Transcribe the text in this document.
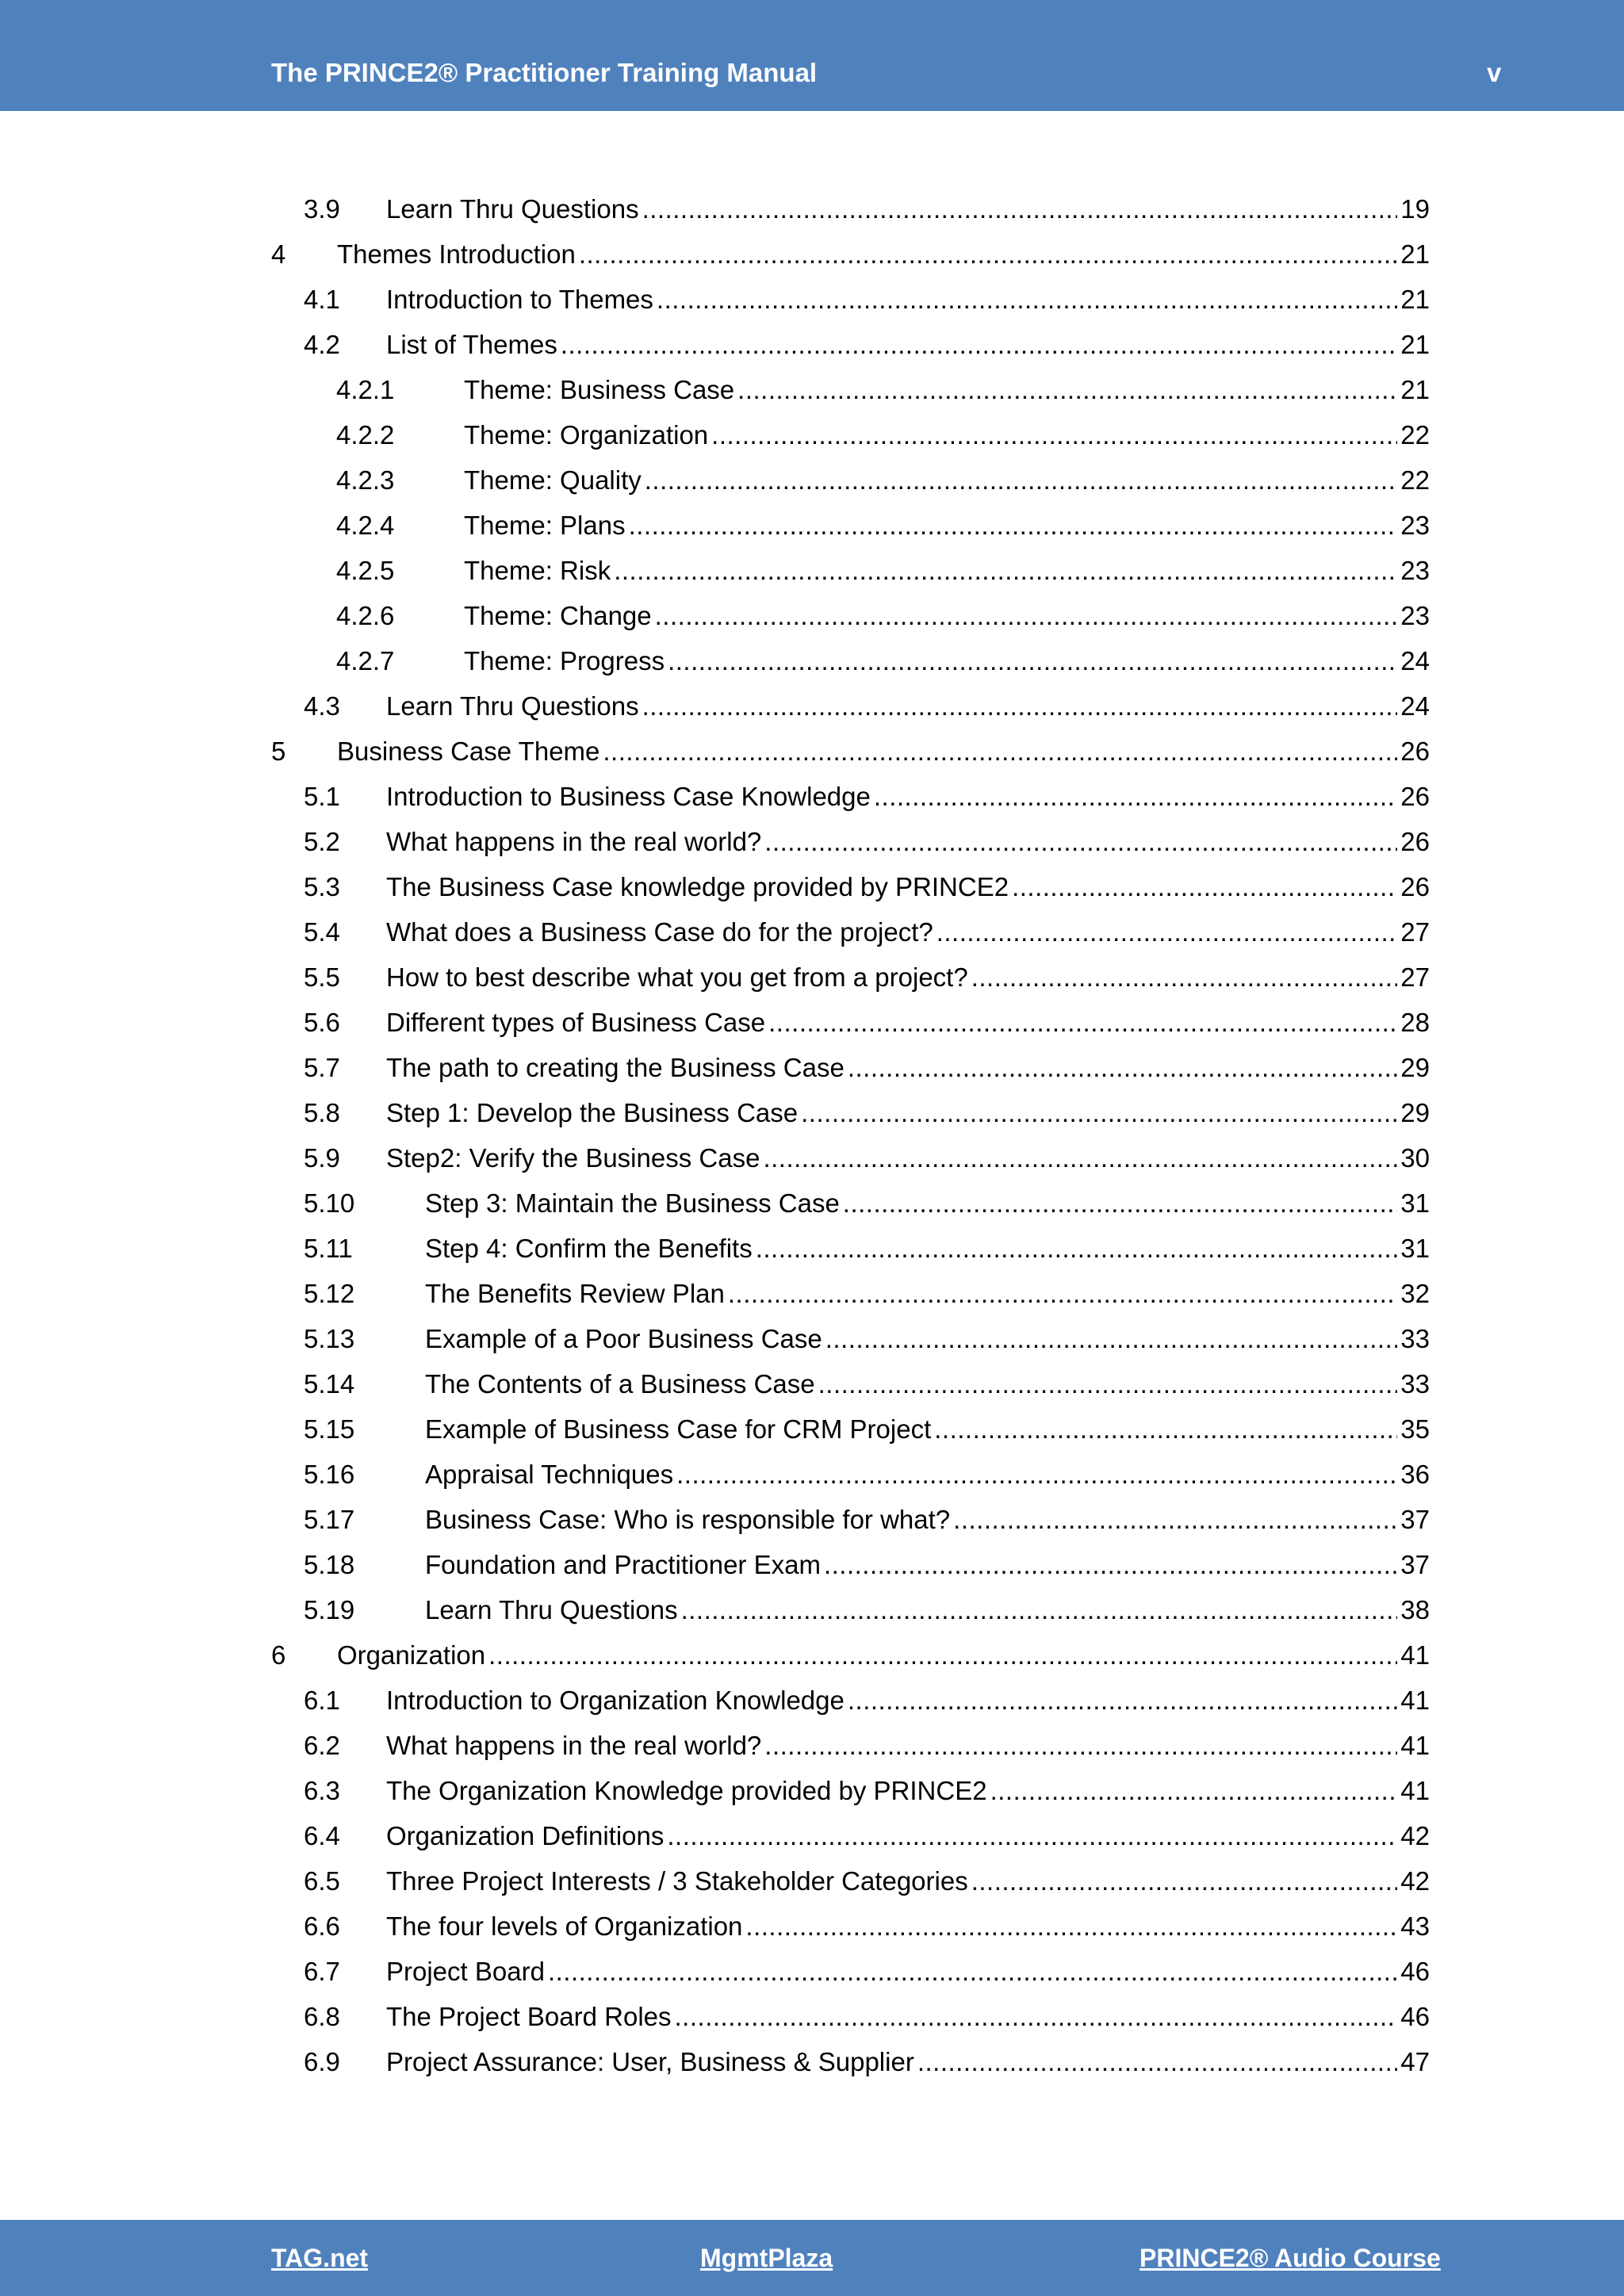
The PRINCE2® Practitioner Training Manual	v
3.9	Learn Thru Questions .....	19
4	Themes Introduction .....	21
4.1	Introduction to Themes .....	21
4.2	List of Themes .....	21
4.2.1	Theme: Business Case .....	21
4.2.2	Theme: Organization .....	22
4.2.3	Theme: Quality .....	22
4.2.4	Theme: Plans .....	23
4.2.5	Theme: Risk .....	23
4.2.6	Theme: Change .....	23
4.2.7	Theme: Progress .....	24
4.3	Learn Thru Questions .....	24
5	Business Case Theme .....	26
5.1	Introduction to Business Case Knowledge .....	26
5.2	What happens in the real world? .....	26
5.3	The Business Case knowledge provided by PRINCE2 .....	26
5.4	What does a Business Case do for the project? .....	27
5.5	How to best describe what you get from a project? .....	27
5.6	Different types of Business Case .....	28
5.7	The path to creating the Business Case .....	29
5.8	Step 1: Develop the Business Case .....	29
5.9	Step2: Verify the Business Case .....	30
5.10	Step 3: Maintain the Business Case .....	31
5.11	Step 4: Confirm the Benefits .....	31
5.12	The Benefits Review Plan .....	32
5.13	Example of a Poor Business Case .....	33
5.14	The Contents of a Business Case .....	33
5.15	Example of Business Case for CRM Project .....	35
5.16	Appraisal Techniques .....	36
5.17	Business Case: Who is responsible for what? .....	37
5.18	Foundation and Practitioner Exam .....	37
5.19	Learn Thru Questions .....	38
6	Organization .....	41
6.1	Introduction to Organization Knowledge .....	41
6.2	What happens in the real world? .....	41
6.3	The Organization Knowledge provided by PRINCE2 .....	41
6.4	Organization Definitions .....	42
6.5	Three Project Interests / 3 Stakeholder Categories .....	42
6.6	The four levels of Organization .....	43
6.7	Project Board .....	46
6.8	The Project Board Roles .....	46
6.9	Project Assurance: User, Business & Supplier .....	47
TAG.net	MgmtPlaza	PRINCE2® Audio Course
